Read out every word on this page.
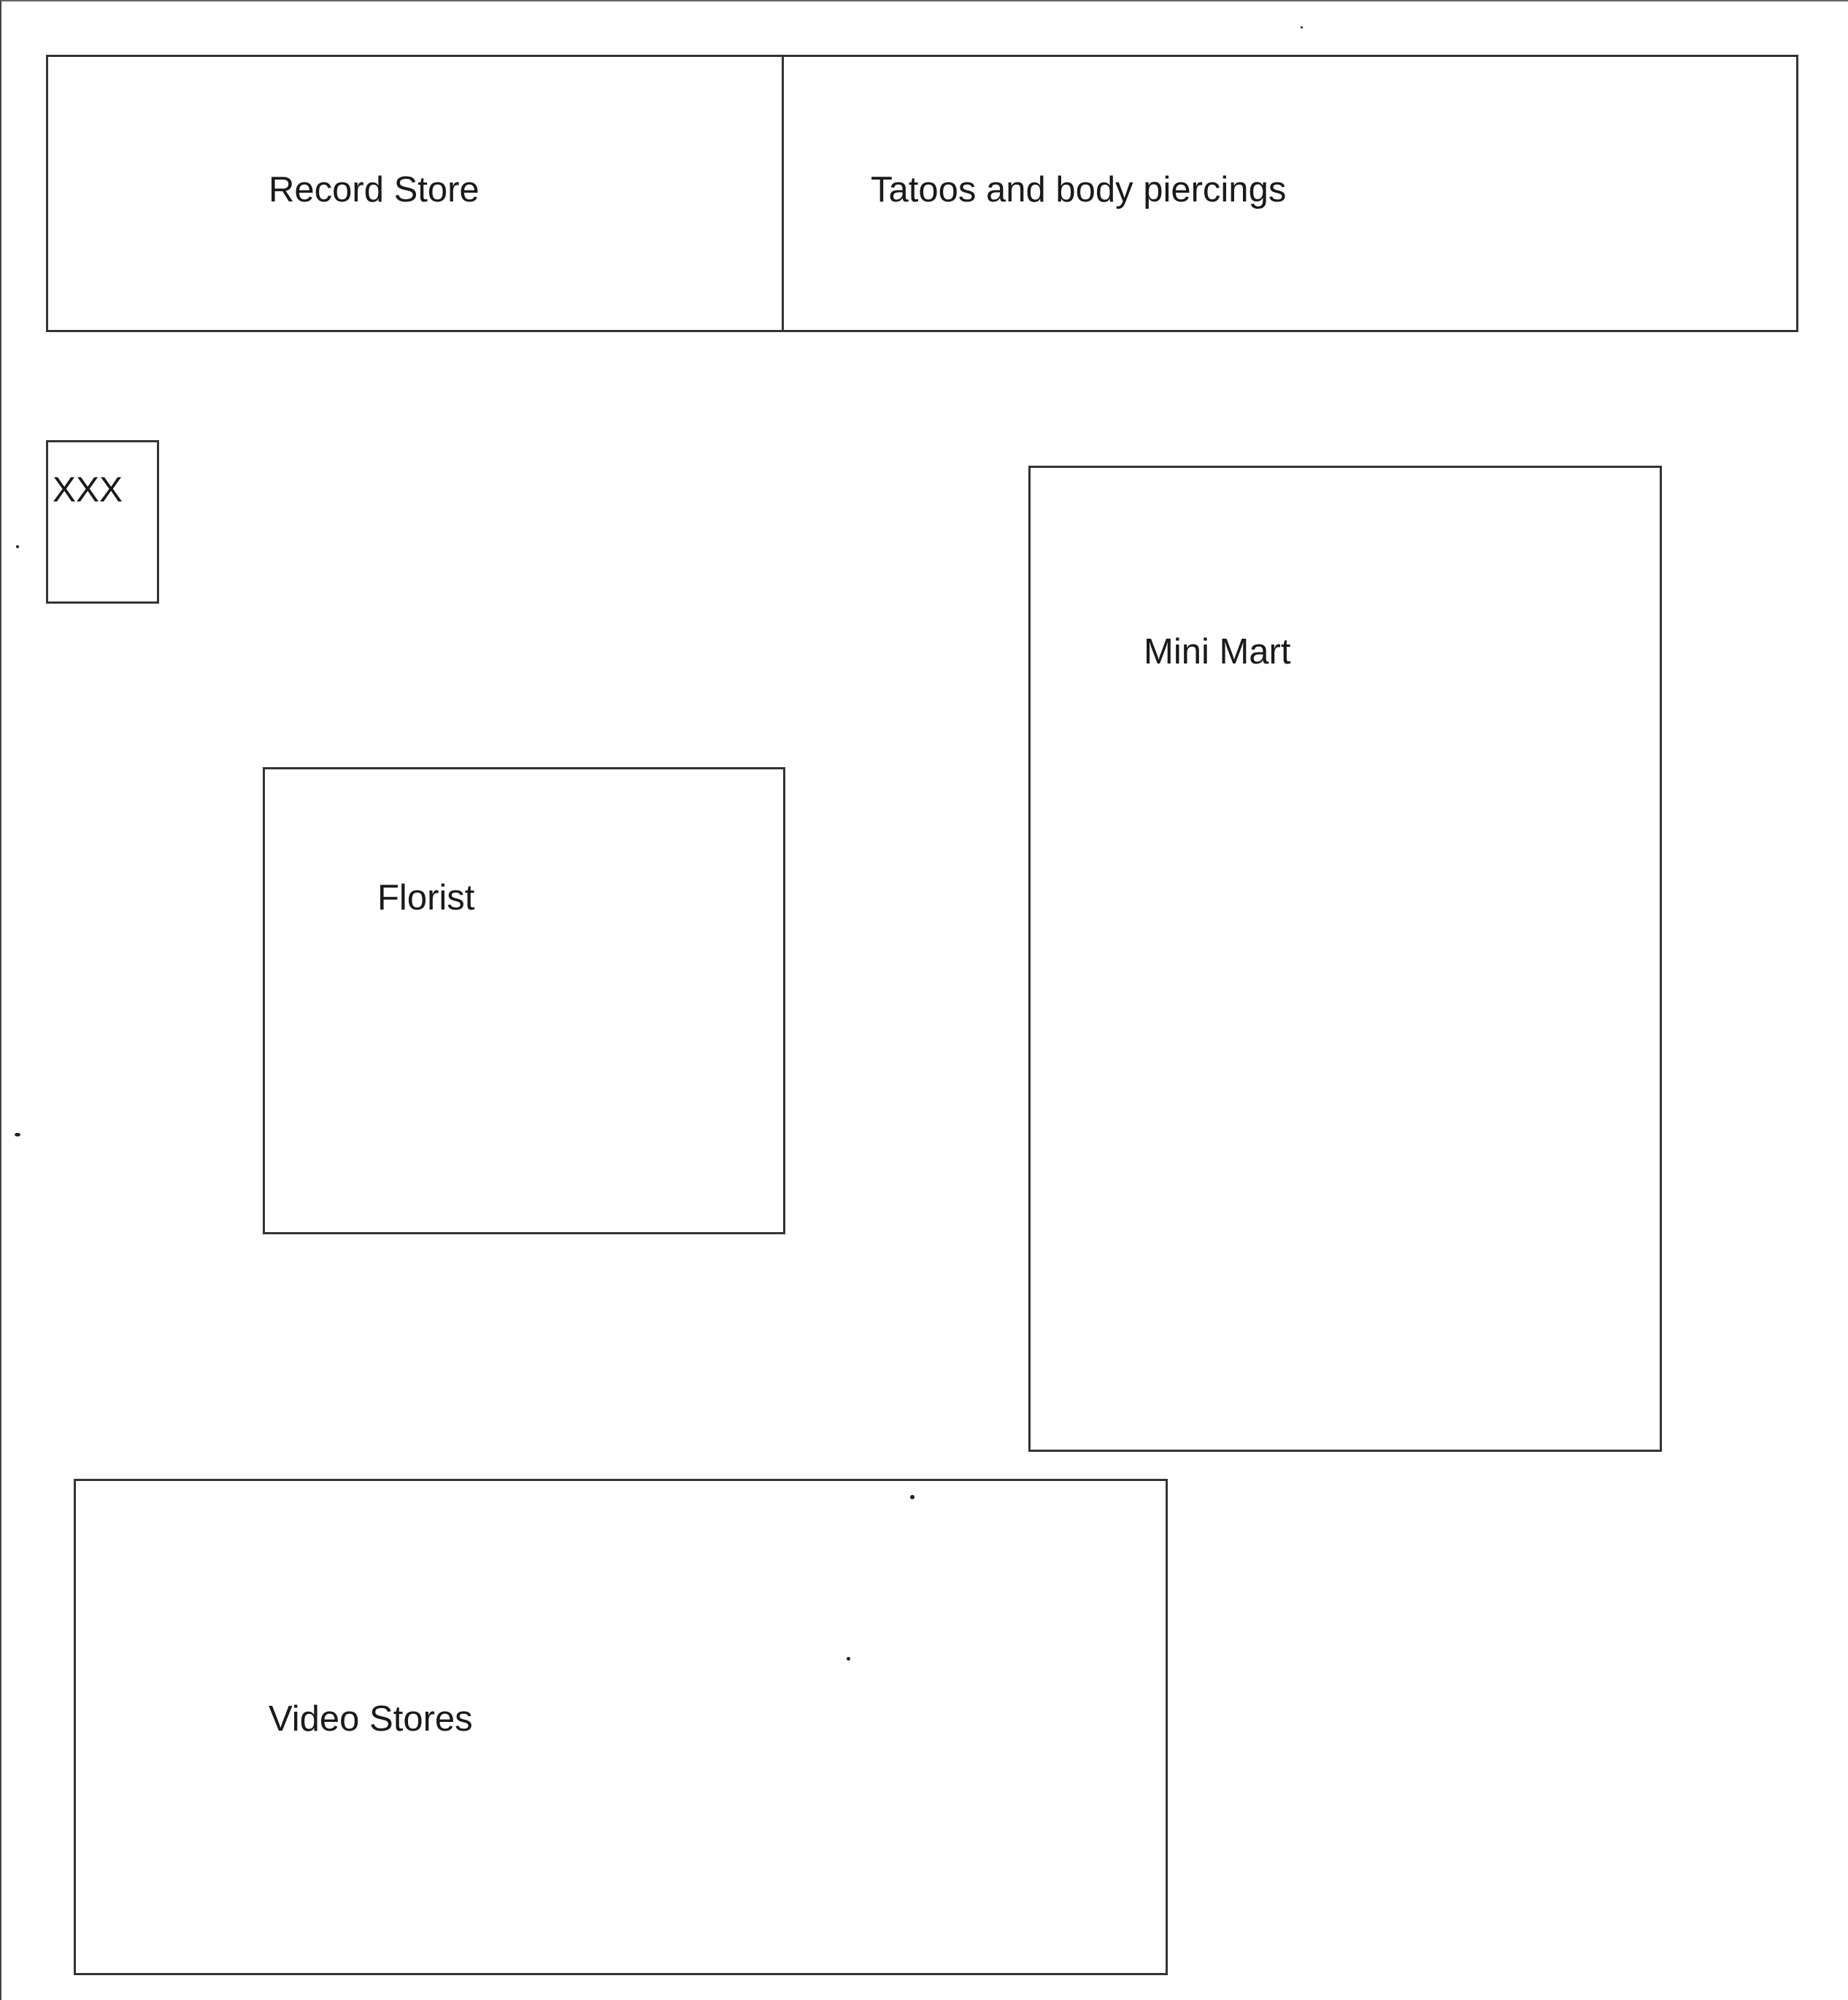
Record Store	Tatoos and body piercings
XXX
Mini Mart
Florist
Video Stores
